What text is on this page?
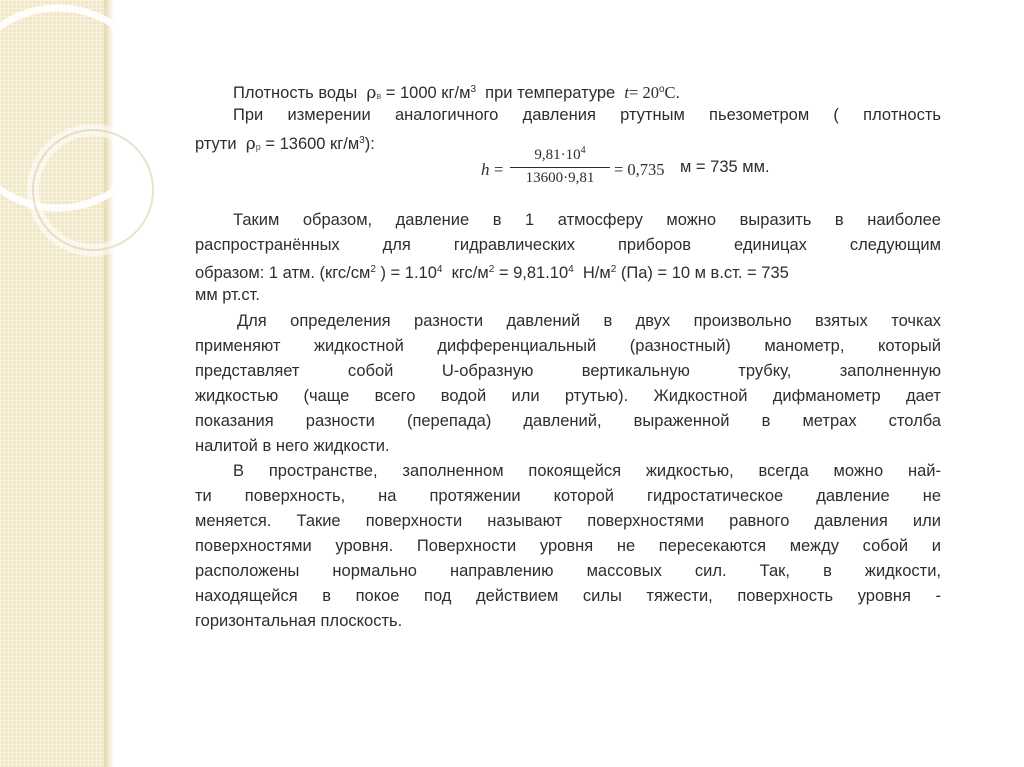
Плотность воды ρв = 1000 $кг/м^3$ при температуре $t= 20^oC$.
При измерении аналогичного давления ртутным пьезометром ( плотность
ртути ρр = 13600 $кг/м^3$):
h =
$9,81\cdot 10^4$
13600·9,81	= 0,735 м = 735 мм.
Таким образом, давление в 1 атмосферу можно выразить в наиболее
распространённых для гидравлических приборов единицах следующим
образом: 1 атм. ($кгс/см^2$ ) = $1.10^4$ кгс/$м^2 = 9,81.10^4$ $Н/м^2$ (Па) = 10 м в.ст. = 735
мм рт.ст.
Для определения разности давлений в двух произвольно взятых точках
применяют жидкостной дифференциальный (разностный) манометр, который
представляет собой U-образную вертикальную трубку, заполненную
жидкостью (чаще всего водой или ртутью). Жидкостной дифманометр дает
показания разности (перепада) давлений, выраженной в метрах столба
налитой в него жидкости.
В пространстве, заполненном покоящейся жидкостью, всегда можно най-
ти поверхность, на протяжении которой гидростатическое давление не
меняется. Такие поверхности называют поверхностями равного давления или
поверхностями уровня. Поверхности уровня не пересекаются между собой и
расположены нормально направлению массовых сил. Так, в жидкости,
находящейся в покое под действием силы тяжести, поверхность уровня -
горизонтальная плоскость.
